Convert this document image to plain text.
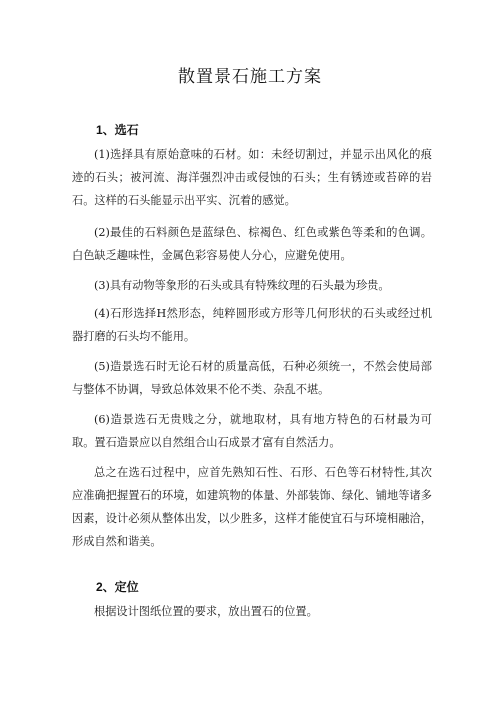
散置景石施工方案
1、选石

(1)选择具有原始意味的石材。如：未经切割过，并显示出风化的痕迹的石头；被河流、海洋强烈冲击或侵蚀的石头；生有锈迹或苔碎的岩石。这样的石头能显示出平实、沉着的感觉。

(2)最佳的石料颜色是蓝绿色、棕褐色、红色或紫色等柔和的色调。白色缺乏趣味性，金属色彩容易使人分心，应避免使用。

(3)具有动物等象形的石头或具有特殊纹理的石头最为珍贵。

(4)石形选择H然形态，纯粹圆形或方形等几何形状的石头或经过机器打磨的石头均不能用。

(5)造景选石时无论石材的质量高低，石种必须统一，不然会使局部与整体不协调，导致总体效果不伦不类、杂乱不堪。

(6)造景选石无贵贱之分，就地取材，具有地方特色的石材最为可取。置石造景应以自然组合山石成景才富有自然活力。

总之在选石过程中，应首先熟知石性、石形、石色等石材特性,其次应准确把握置石的环境，如建筑物的体量、外部装饰、绿化、铺地等诸多因素，设计必须从整体出发，以少胜多，这样才能使宜石与环境相融洽，形成自然和谐美。

2、定位

根据设计图纸位置的要求，放出置石的位置。
